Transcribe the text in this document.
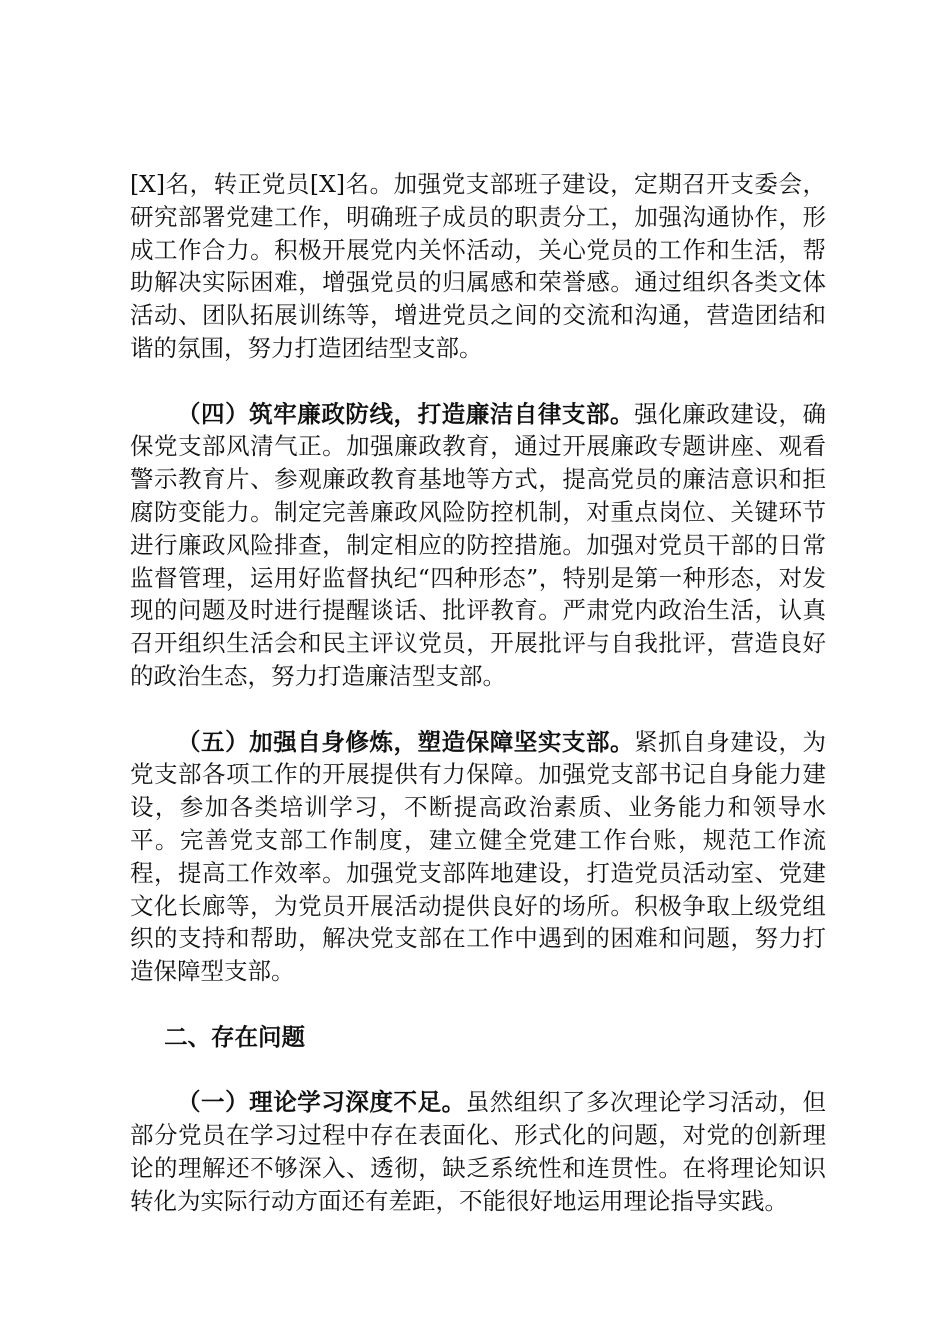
[X]名，转正党员[X]名。加强党支部班子建设，定期召开支委会，研究部署党建工作，明确班子成员的职责分工，加强沟通协作，形成工作合力。积极开展党内关怀活动，关心党员的工作和生活，帮助解决实际困难，增强党员的归属感和荣誉感。通过组织各类文体活动、团队拓展训练等，增进党员之间的交流和沟通，营造团结和谐的氛围，努力打造团结型支部。

（四）筑牢廉政防线，打造廉洁自律支部。强化廉政建设，确保党支部风清气正。加强廉政教育，通过开展廉政专题讲座、观看警示教育片、参观廉政教育基地等方式，提高党员的廉洁意识和拒腐防变能力。制定完善廉政风险防控机制，对重点岗位、关键环节进行廉政风险排查，制定相应的防控措施。加强对党员干部的日常监督管理，运用好监督执纪“四种形态”，特别是第一种形态，对发现的问题及时进行提醒谈话、批评教育。严肃党内政治生活，认真召开组织生活会和民主评议党员，开展批评与自我批评，营造良好的政治生态，努力打造廉洁型支部。

（五）加强自身修炼，塑造保障坚实支部。紧抓自身建设，为党支部各项工作的开展提供有力保障。加强党支部书记自身能力建设，参加各类培训学习，不断提高政治素质、业务能力和领导水平。完善党支部工作制度，建立健全党建工作台账，规范工作流程，提高工作效率。加强党支部阵地建设，打造党员活动室、党建文化长廊等，为党员开展活动提供良好的场所。积极争取上级党组织的支持和帮助，解决党支部在工作中遇到的困难和问题，努力打造保障型支部。

二、存在问题

（一）理论学习深度不足。虽然组织了多次理论学习活动，但部分党员在学习过程中存在表面化、形式化的问题，对党的创新理论的理解还不够深入、透彻，缺乏系统性和连贯性。在将理论知识转化为实际行动方面还有差距，不能很好地运用理论指导实践。
